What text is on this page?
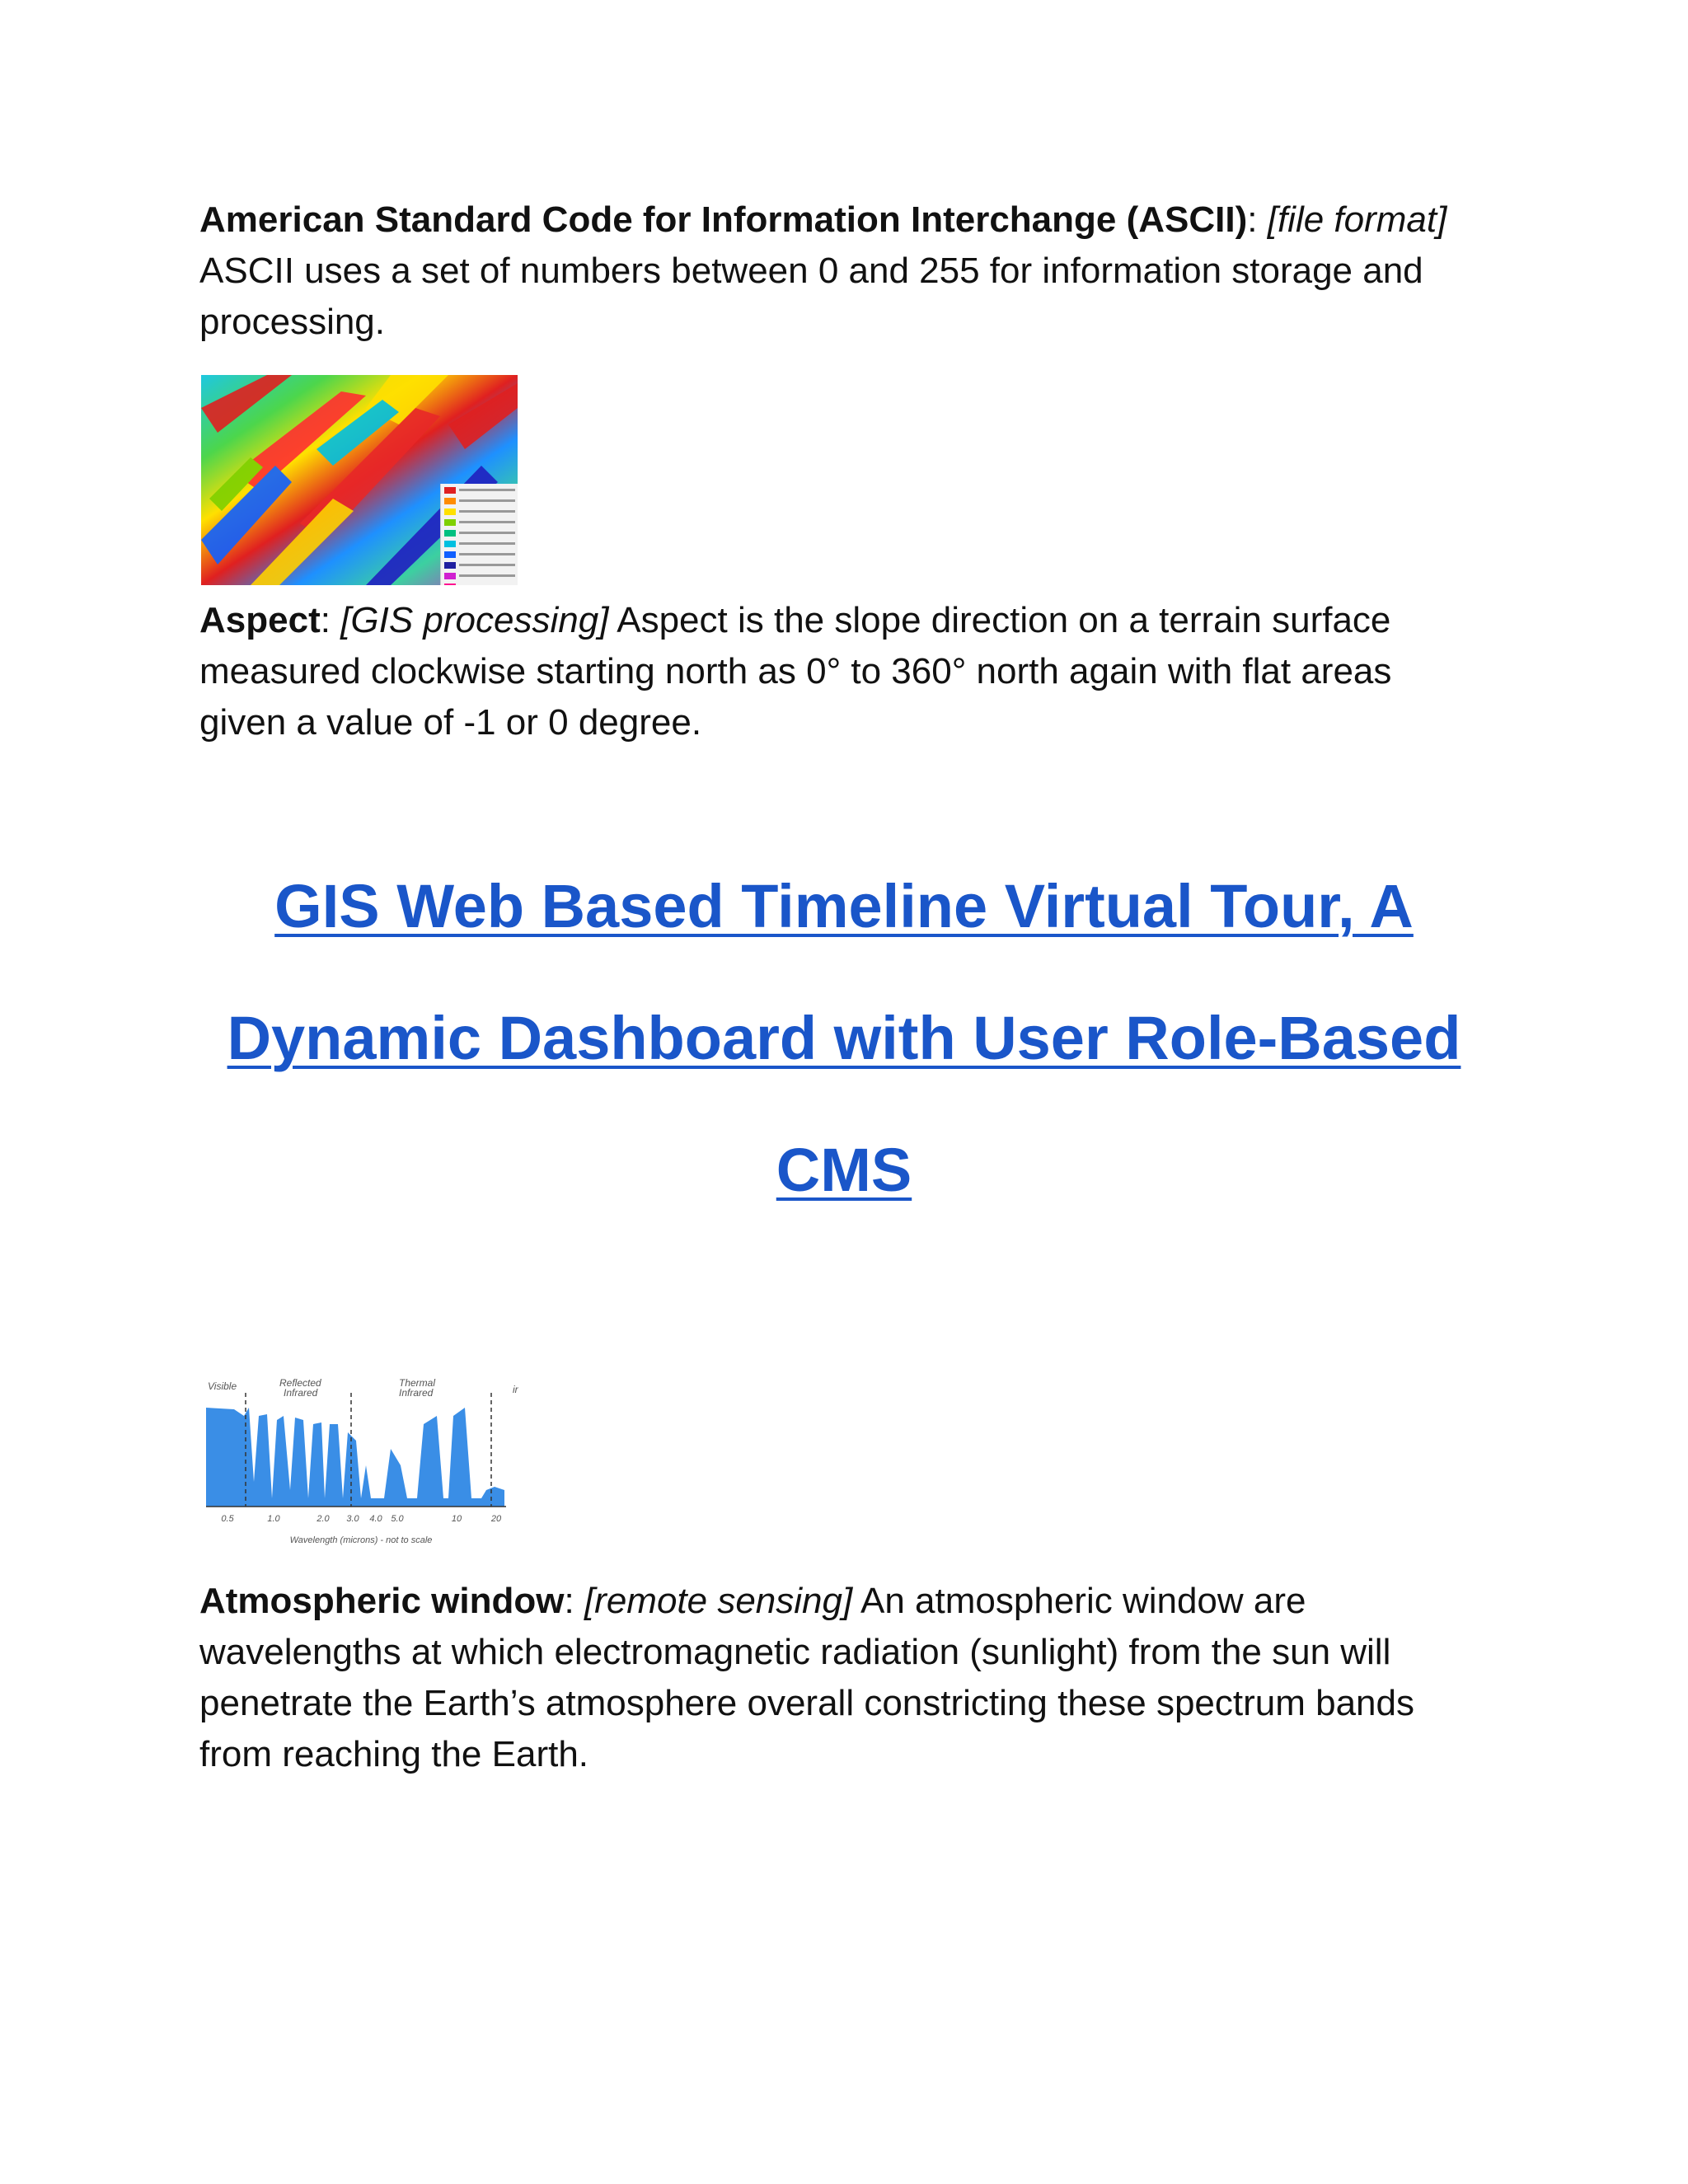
American Standard Code for Information Interchange (ASCII): [file format] ASCII uses a set of numbers between 0 and 255 for information storage and processing.

Aspect: [GIS processing] Aspect is the slope direction on a terrain surface measured clockwise starting north as 0° to 360° north again with flat areas given a value of -1 or 0 degree.

GIS Web Based Timeline Virtual Tour, A
Dynamic Dashboard with User Role-Based
CMS
Visible	Reflected
Infrared
Thermal
Infrared	ir
0.5	1.0	2.0 3.0 4.0 5.0	10	20
Wavelength (microns) - not to scale

Atmospheric window: [remote sensing] An atmospheric window are wavelengths at which electromagnetic radiation (sunlight) from the sun will penetrate the Earth’s atmosphere overall constricting these spectrum bands from reaching the Earth.
